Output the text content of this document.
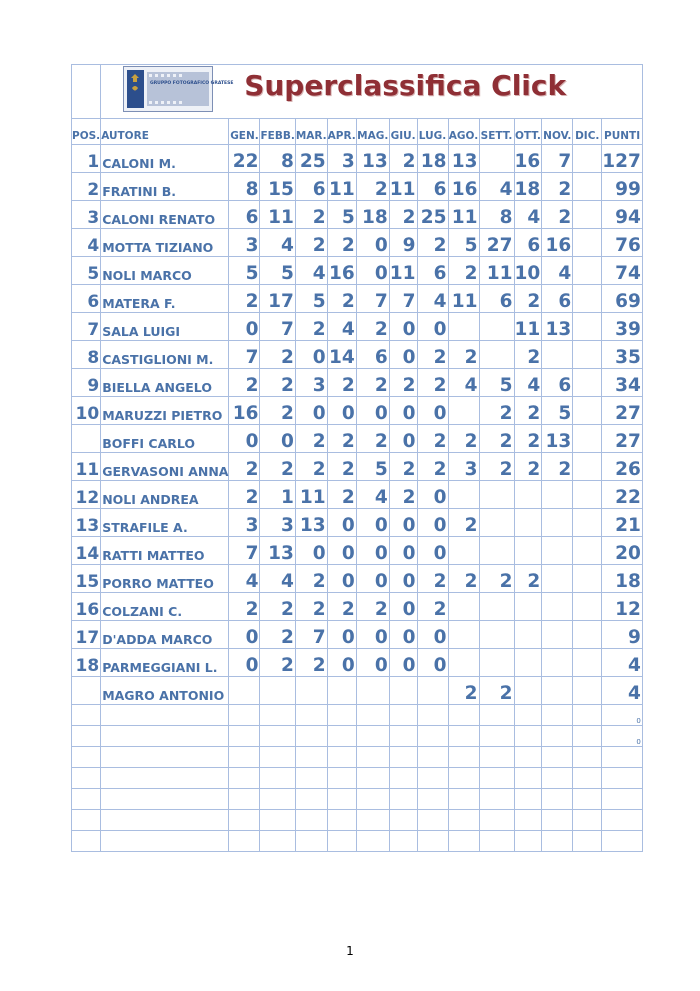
GRUPPO FOTOGRAFICO GRATESE Superclassifica Click													

POS.	AUTORE	GEN.	FEBB.	MAR.	APR.	MAG.	GIU.	LUG.	AGO.	SETT.	OTT.	NOV.	DIC.	PUNTI
1	CALONI M.	22	8	25	3	13	2	18	13		16	7		127
2	FRATINI B.	8	15	6	11	2	11	6	16	4	18	2		99
3	CALONI RENATO	6	11	2	5	18	2	25	11	8	4	2		94
4	MOTTA TIZIANO	3	4	2	2	0	9	2	5	27	6	16		76
5	NOLI MARCO	5	5	4	16	0	11	6	2	11	10	4		74
6	MATERA F.	2	17	5	2	7	7	4	11	6	2	6		69
7	SALA LUIGI	0	7	2	4	2	0	0			11	13		39
8	CASTIGLIONI M.	7	2	0	14	6	0	2	2		2			35
9	BIELLA ANGELO	2	2	3	2	2	2	2	4	5	4	6		34
10	MARUZZI PIETRO	16	2	0	0	0	0	0		2	2	5		27
	BOFFI CARLO	0	0	2	2	2	0	2	2	2	2	13		27
11	GERVASONI ANNA	2	2	2	2	5	2	2	3	2	2	2		26
12	NOLI ANDREA	2	1	11	2	4	2	0						22
13	STRAFILE A.	3	3	13	0	0	0	0	2					21
14	RATTI MATTEO	7	13	0	0	0	0	0						20
15	PORRO MATTEO	4	4	2	0	0	0	2	2	2	2			18
16	COLZANI C.	2	2	2	2	2	0	2						12
17	D'ADDA MARCO	0	2	7	0	0	0	0						9
18	PARMEGGIANI L.	0	2	2	0	0	0	0						4
	MAGRO ANTONIO								2	2				4
														0
														0

1
